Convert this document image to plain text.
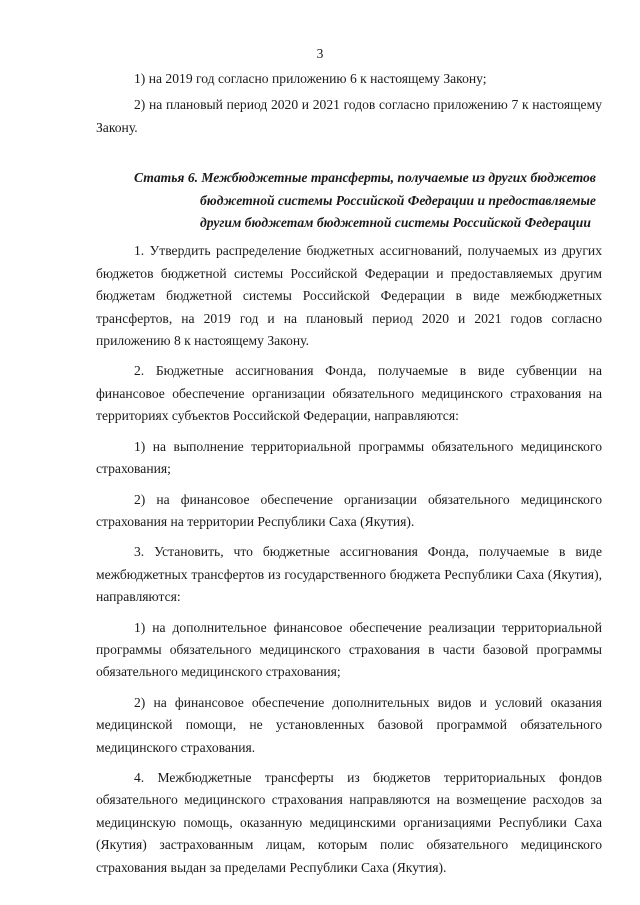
3

1) на 2019 год согласно приложению 6 к настоящему Закону;

2) на плановый период 2020 и 2021 годов согласно приложению 7 к настоящему Закону.

Статья 6. Межбюджетные трансферты, получаемые из других бюджетов
бюджетной системы Российской Федерации и предоставляемые
другим бюджетам бюджетной системы Российской Федерации

1. Утвердить распределение бюджетных ассигнований, получаемых из других бюджетов бюджетной системы Российской Федерации и предоставляемых другим бюджетам бюджетной системы Российской Федерации в виде межбюджетных трансфертов, на 2019 год и на плановый период 2020 и 2021 годов согласно приложению 8 к настоящему Закону.

2. Бюджетные ассигнования Фонда, получаемые в виде субвенции на финансовое обеспечение организации обязательного медицинского страхования на территориях субъектов Российской Федерации, направляются:

1) на выполнение территориальной программы обязательного медицинского страхования;

2) на финансовое обеспечение организации обязательного медицинского страхования на территории Республики Саха (Якутия).

3. Установить, что бюджетные ассигнования Фонда, получаемые в виде межбюджетных трансфертов из государственного бюджета Республики Саха (Якутия), направляются:

1) на дополнительное финансовое обеспечение реализации территориальной программы обязательного медицинского страхования в части базовой программы обязательного медицинского страхования;

2) на финансовое обеспечение дополнительных видов и условий оказания медицинской помощи, не установленных базовой программой обязательного медицинского страхования.

4. Межбюджетные трансферты из бюджетов территориальных фондов обязательного медицинского страхования направляются на возмещение расходов за медицинскую помощь, оказанную медицинскими организациями Республики Саха (Якутия) застрахованным лицам, которым полис обязательного медицинского страхования выдан за пределами Республики Саха (Якутия).
